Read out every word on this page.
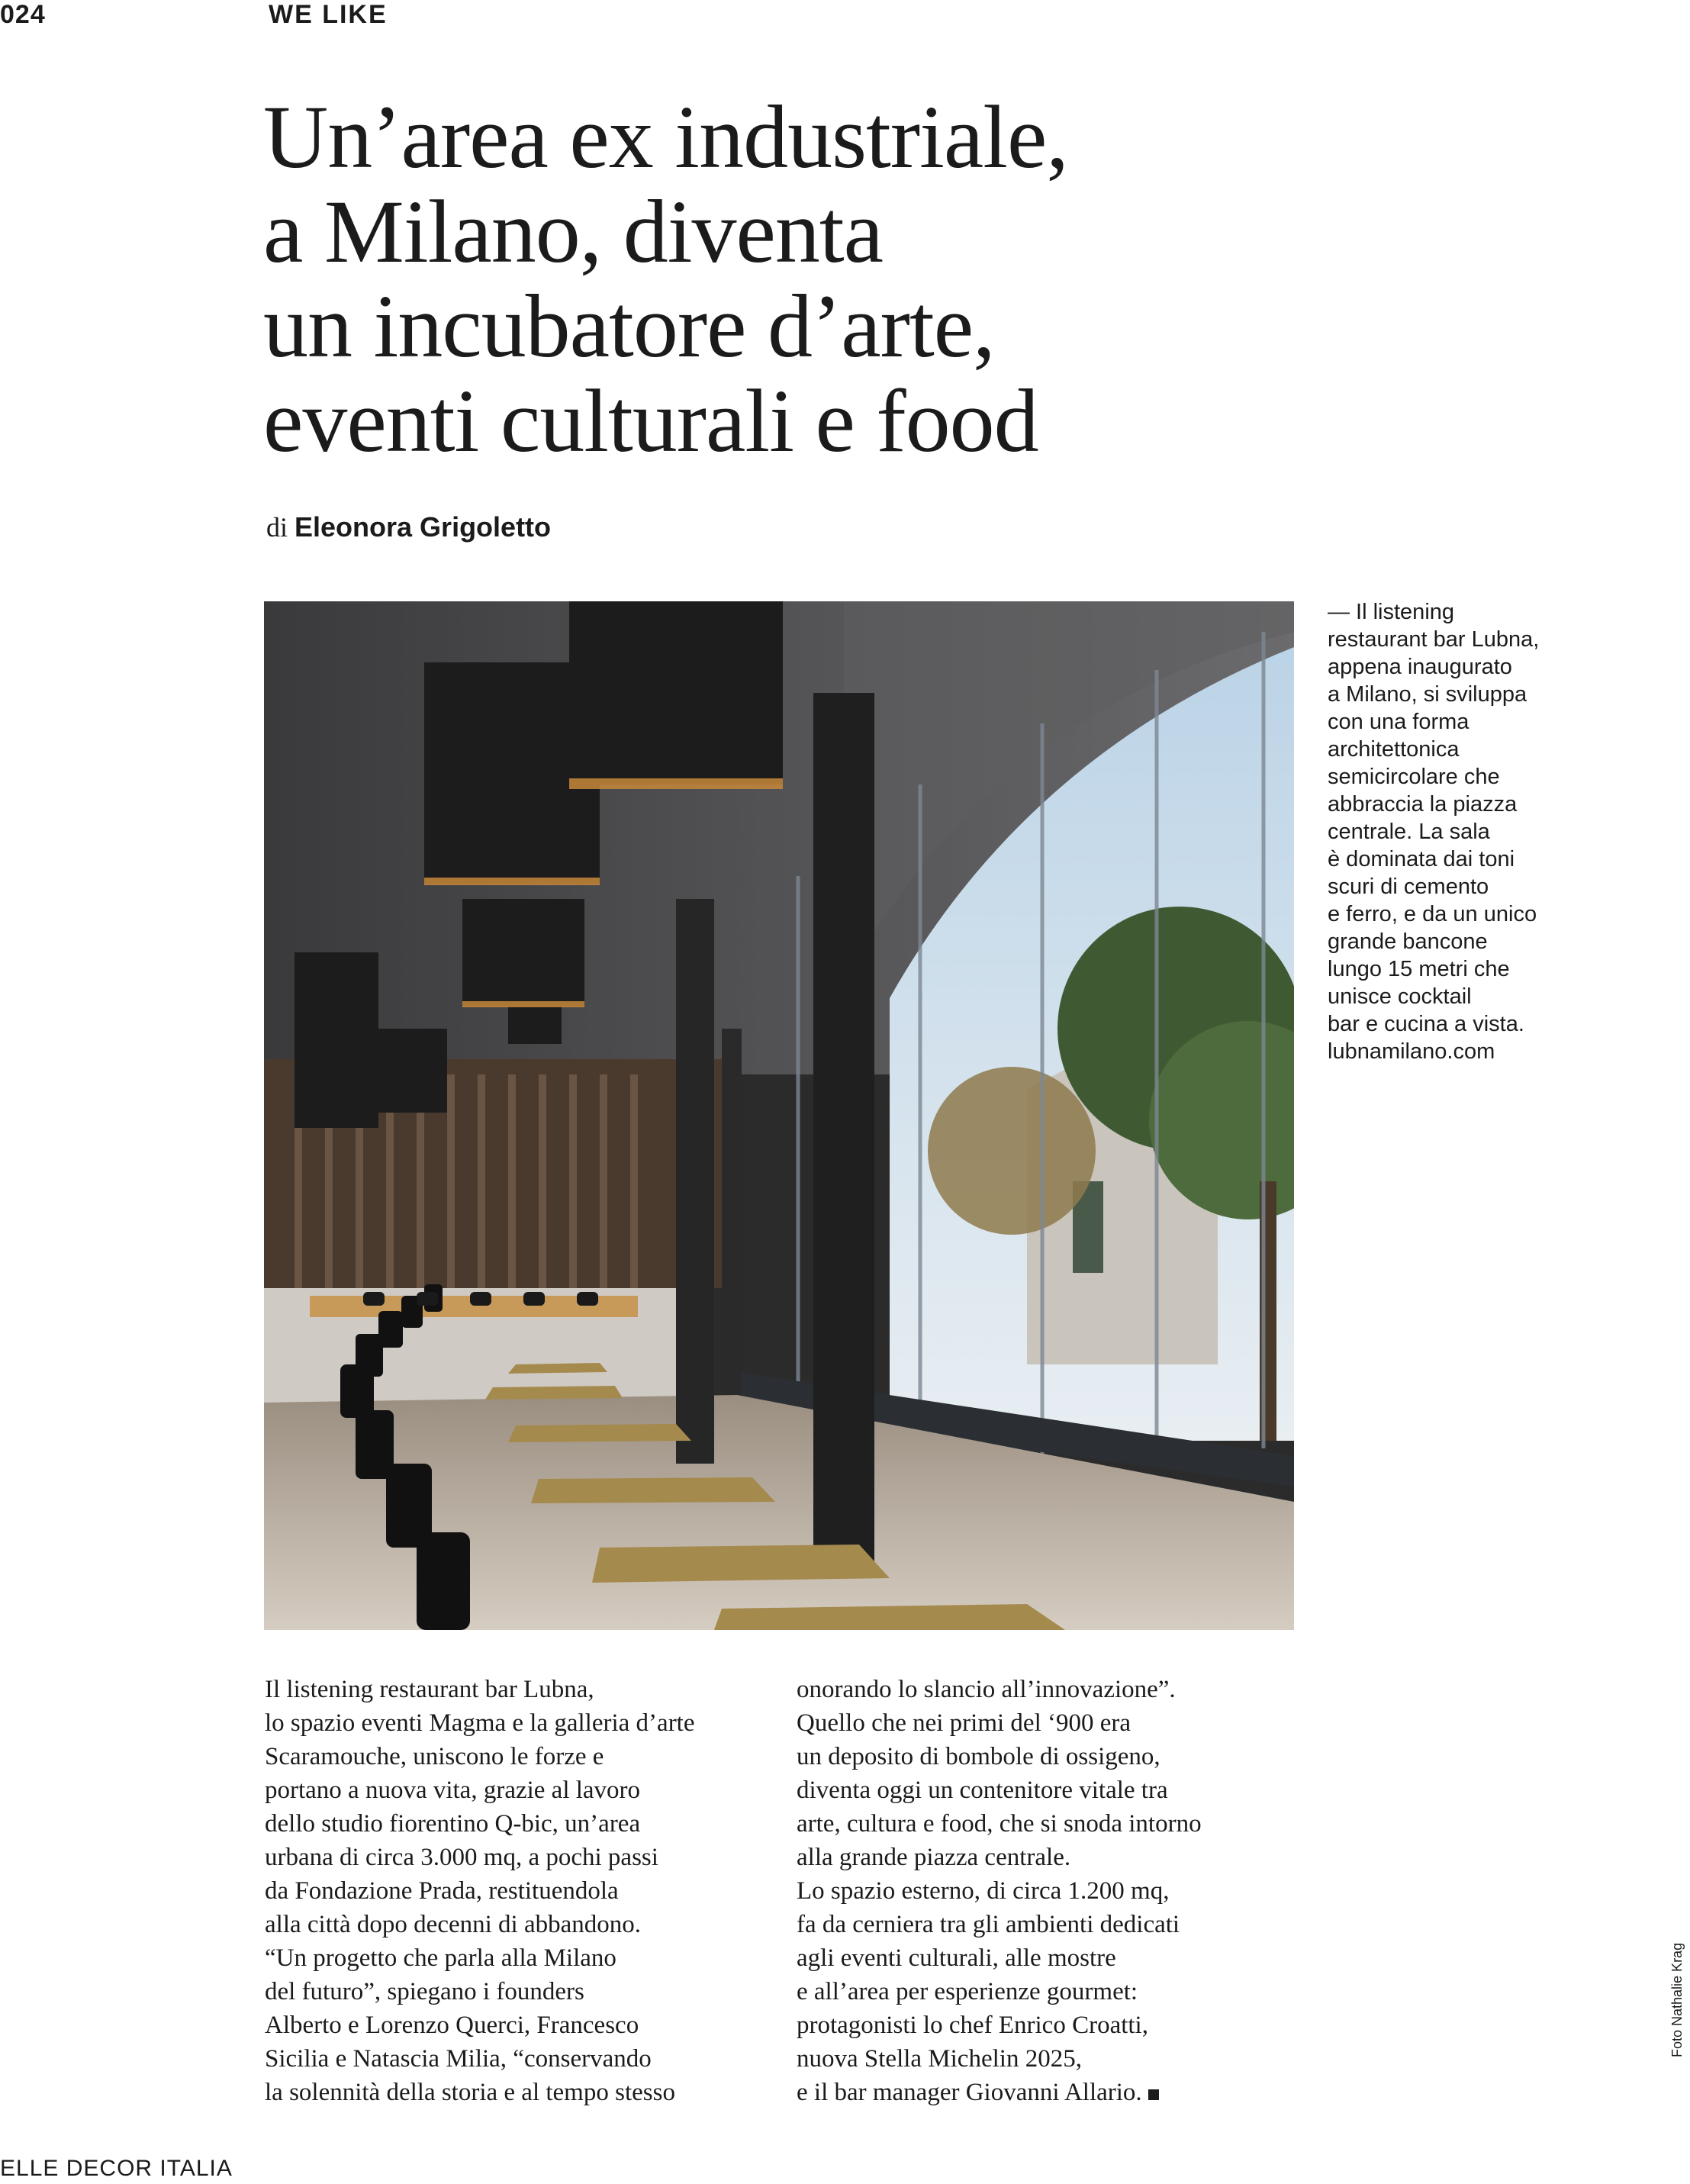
024	WE LIKE
Un’area ex industriale,
a Milano, diventa
un incubatore d’arte,
eventi culturali e food
di Eleonora Grigoletto

— Il listening

restaurant bar Lubna,

appena inaugurato

a Milano, si sviluppa

con una forma

architettonica

semicircolare che

abbraccia la piazza

centrale. La sala

è dominata dai toni

scuri di cemento

e ferro, e da un unico

grande bancone

lungo 15 metri che

unisce cocktail

bar e cucina a vista.

lubnamilano.com

Il listening restaurant bar Lubna,

lo spazio eventi Magma e la galleria d’arte

Scaramouche, uniscono le forze e

portano a nuova vita, grazie al lavoro

dello studio fiorentino Q-bic, un’area

urbana di circa 3.000 mq, a pochi passi

da Fondazione Prada, restituendola

alla città dopo decenni di abbandono.

“Un progetto che parla alla Milano

del futuro”, spiegano i founders

Alberto e Lorenzo Querci, Francesco

Sicilia e Natascia Milia, “conservando

la solennità della storia e al tempo stesso

onorando lo slancio all’innovazione”.

Quello che nei primi del ‘900 era

un deposito di bombole di ossigeno,

diventa oggi un contenitore vitale tra

arte, cultura e food, che si snoda intorno

alla grande piazza centrale.

Lo spazio esterno, di circa 1.200 mq,

fa da cerniera tra gli ambienti dedicati

agli eventi culturali, alle mostre

e all’area per esperienze gourmet:

protagonisti lo chef Enrico Croatti,

nuova Stella Michelin 2025,

e il bar manager Giovanni Allario.

ELLE DECOR ITALIA
Foto Nathalie Krag
